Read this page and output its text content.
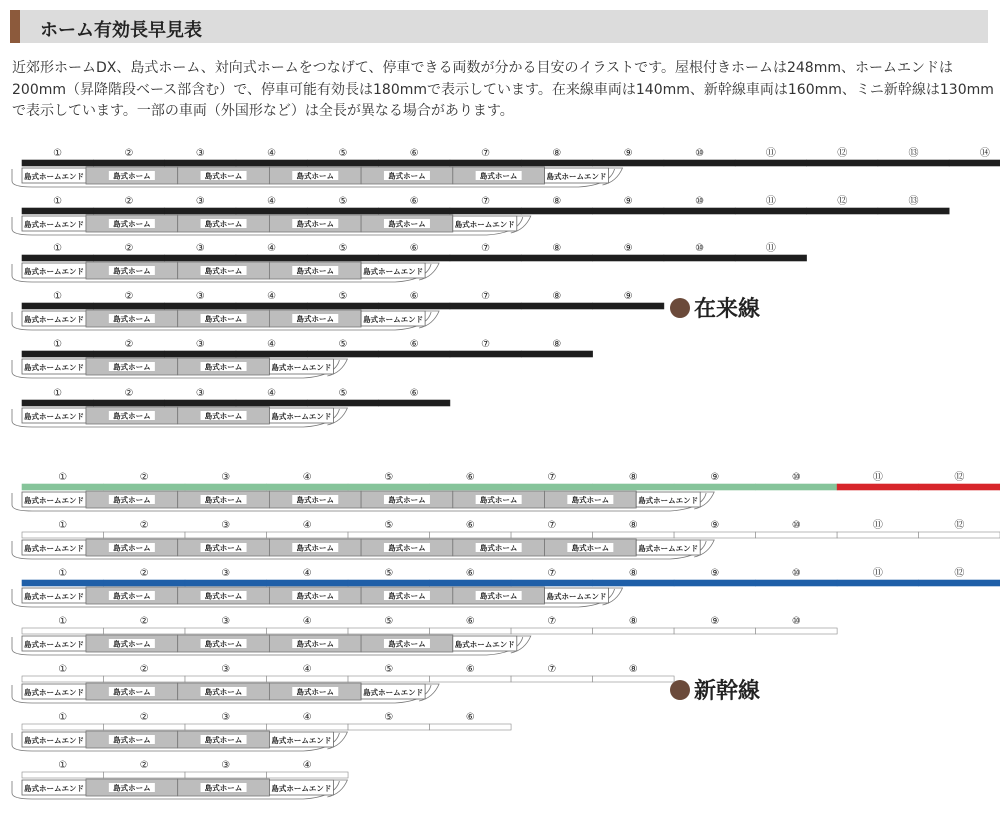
ホーム有効長早見表

近郊形ホームDX、島式ホーム、対向式ホームをつなげて、停車できる両数が分かる目安のイラストです。屋根付きホームは248mm、ホームエンドは
200mm（昇降階段ベース部含む）で、停車可能有効長は180mmで表示しています。在来線車両は140mm、新幹線車両は160mm、ミニ新幹線は130mm
で表示しています。一部の車両（外国形など）は全長が異なる場合があります。

在来線
新幹線
①	②	③	④	⑤	⑥	⑦	⑧	⑨	⑩	⑪	⑫	⑬	⑭
島式ホームエンド	島式ホーム	島式ホーム	島式ホーム	島式ホーム	島式ホーム	島式ホームエンド
①	②	③	④	⑤	⑥	⑦	⑧	⑨	⑩	⑪	⑫	⑬
島式ホームエンド	島式ホーム	島式ホーム	島式ホーム	島式ホーム	島式ホームエンド
①	②	③	④	⑤	⑥	⑦	⑧	⑨	⑩	⑪
島式ホームエンド	島式ホーム	島式ホーム	島式ホーム	島式ホームエンド
①	②	③	④	⑤	⑥	⑦	⑧	⑨
島式ホームエンド	島式ホーム	島式ホーム	島式ホーム	島式ホームエンド
①	②	③	④	⑤	⑥	⑦	⑧
島式ホームエンド	島式ホーム	島式ホーム	島式ホームエンド
①	②	③	④	⑤	⑥
島式ホームエンド	島式ホーム	島式ホーム	島式ホームエンド
①	②	③	④	⑤	⑥	⑦	⑧	⑨	⑩	⑪	⑫
島式ホームエンド	島式ホーム	島式ホーム	島式ホーム	島式ホーム	島式ホーム	島式ホーム	島式ホームエンド
①	②	③	④	⑤	⑥	⑦	⑧	⑨	⑩	⑪	⑫
島式ホームエンド	島式ホーム	島式ホーム	島式ホーム	島式ホーム	島式ホーム	島式ホーム	島式ホームエンド
①	②	③	④	⑤	⑥	⑦	⑧	⑨	⑩	⑪	⑫
島式ホームエンド	島式ホーム	島式ホーム	島式ホーム	島式ホーム	島式ホーム	島式ホームエンド
①	②	③	④	⑤	⑥	⑦	⑧	⑨	⑩
島式ホームエンド	島式ホーム	島式ホーム	島式ホーム	島式ホーム	島式ホームエンド
①	②	③	④	⑤	⑥	⑦	⑧
島式ホームエンド	島式ホーム	島式ホーム	島式ホーム	島式ホームエンド
①	②	③	④	⑤	⑥
島式ホームエンド	島式ホーム	島式ホーム	島式ホームエンド
①	②	③	④
島式ホームエンド	島式ホーム	島式ホーム	島式ホームエンド
